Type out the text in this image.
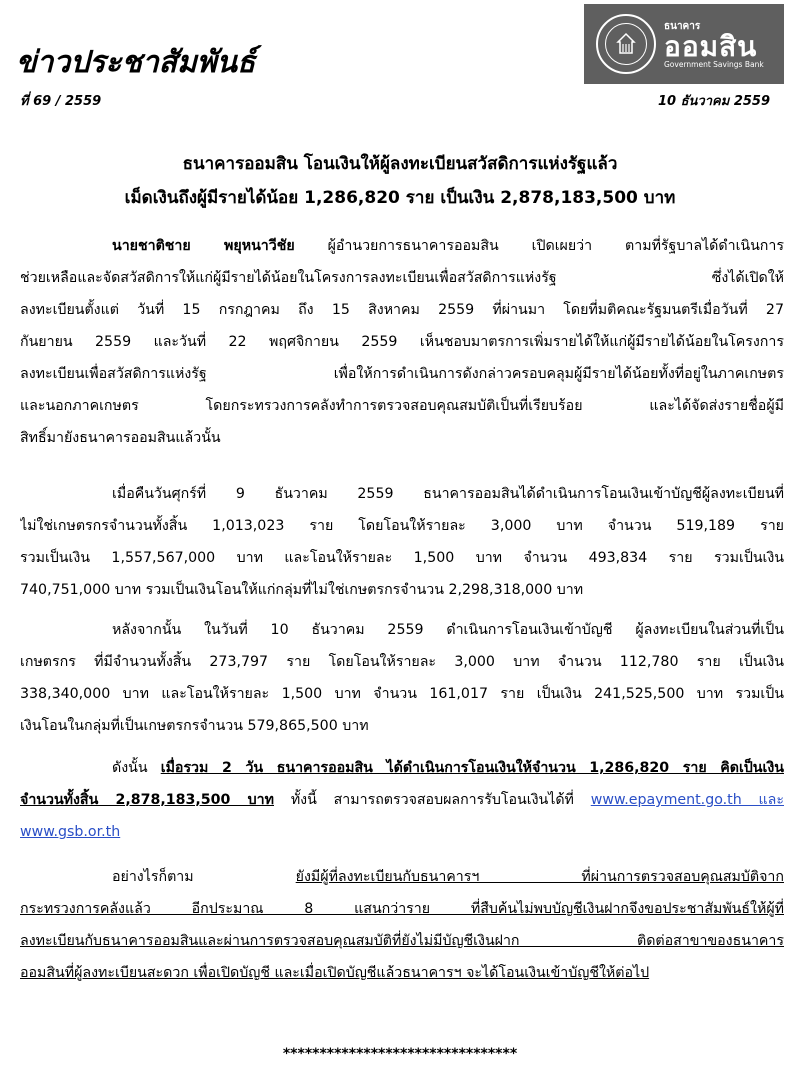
ข่าวประชาสัมพันธ์
ที่ 69 / 2559	10 ธันวาคม 2559
ธนาคาร
ออมสิน
Government Savings Bank
ธนาคารออมสิน โอนเงินให้ผู้ลงทะเบียนสวัสดิการแห่งรัฐแล้ว
เม็ดเงินถึงผู้มีรายได้น้อย 1,286,820 ราย เป็นเงิน 2,878,183,500 บาท
นายชาติชาย พยุหนาวีชัย ผู้อำนวยการธนาคารออมสิน เปิดเผยว่า ตามที่รัฐบาลได้ดำเนินการ
ช่วยเหลือและจัดสวัสดิการให้แก่ผู้มีรายได้น้อยในโครงการลงทะเบียนเพื่อสวัสดิการแห่งรัฐ ซึ่งได้เปิดให้
ลงทะเบียนตั้งแต่ วันที่ 15 กรกฎาคม ถึง 15 สิงหาคม 2559 ที่ผ่านมา โดยที่มติคณะรัฐมนตรีเมื่อวันที่ 27
กันยายน 2559 และวันที่ 22 พฤศจิกายน 2559 เห็นชอบมาตรการเพิ่มรายได้ให้แก่ผู้มีรายได้น้อยในโครงการ
ลงทะเบียนเพื่อสวัสดิการแห่งรัฐ เพื่อให้การดำเนินการดังกล่าวครอบคลุมผู้มีรายได้น้อยทั้งที่อยู่ในภาคเกษตร
และนอกภาคเกษตร โดยกระทรวงการคลังทำการตรวจสอบคุณสมบัติเป็นที่เรียบร้อย และได้จัดส่งรายชื่อผู้มี
สิทธิ์มายังธนาคารออมสินแล้วนั้น
เมื่อคืนวันศุกร์ที่ 9 ธันวาคม 2559 ธนาคารออมสินได้ดำเนินการโอนเงินเข้าบัญชีผู้ลงทะเบียนที่
ไม่ใช่เกษตรกรจำนวนทั้งสิ้น 1,013,023 ราย โดยโอนให้รายละ 3,000 บาท จำนวน 519,189 ราย
รวมเป็นเงิน 1,557,567,000 บาท และโอนให้รายละ 1,500 บาท จำนวน 493,834 ราย รวมเป็นเงิน
740,751,000 บาท รวมเป็นเงินโอนให้แก่กลุ่มที่ไม่ใช่เกษตรกรจำนวน 2,298,318,000 บาท
หลังจากนั้น ในวันที่ 10 ธันวาคม 2559 ดำเนินการโอนเงินเข้าบัญชี ผู้ลงทะเบียนในส่วนที่เป็น
เกษตรกร ที่มีจำนวนทั้งสิ้น 273,797 ราย โดยโอนให้รายละ 3,000 บาท จำนวน 112,780 ราย เป็นเงิน
338,340,000 บาท และโอนให้รายละ 1,500 บาท จำนวน 161,017 ราย เป็นเงิน 241,525,500 บาท รวมเป็น
เงินโอนในกลุ่มที่เป็นเกษตรกรจำนวน 579,865,500 บาท
ดังนั้น เมื่อรวม 2 วัน ธนาคารออมสิน ได้ดำเนินการโอนเงินให้จำนวน 1,286,820 ราย คิดเป็นเงิน
จำนวนทั้งสิ้น 2,878,183,500 บาท ทั้งนี้ สามารถตรวจสอบผลการรับโอนเงินได้ที่ www.epayment.go.th และ
www.gsb.or.th
อย่างไรก็ตาม ยังมีผู้ที่ลงทะเบียนกับธนาคารฯ ที่ผ่านการตรวจสอบคุณสมบัติจาก
กระทรวงการคลังแล้ว อีกประมาณ 8 แสนกว่าราย ที่สืบค้นไม่พบบัญชีเงินฝากจึงขอประชาสัมพันธ์ให้ผู้ที่
ลงทะเบียนกับธนาคารออมสินและผ่านการตรวจสอบคุณสมบัติที่ยังไม่มีบัญชีเงินฝาก ติดต่อสาขาของธนาคาร
ออมสินที่ผู้ลงทะเบียนสะดวก เพื่อเปิดบัญชี และเมื่อเปิดบัญชีแล้วธนาคารฯ จะได้โอนเงินเข้าบัญชีให้ต่อไป
********************************
